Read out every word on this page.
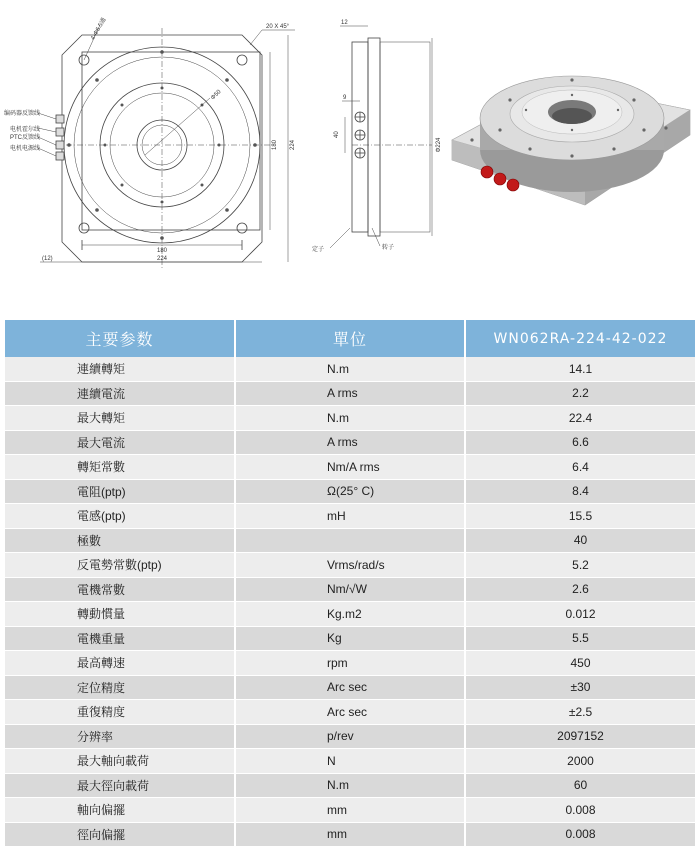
4-Φ6.5通	20 X 45°
Φ50
180 224
180
224
(12)
编码器反馈线
电机霍尔线
PTC反馈线
电机电源线
12
9
40
Φ224
定子	转子
主要参数	單位	WN062RA-224-42-022
連續轉矩	N.m	14.1
連續電流	A rms	2.2
最大轉矩	N.m	22.4
最大電流	A rms	6.6
轉矩常數	Nm/A rms	6.4
電阻(ptp)	Ω(25° C)	8.4
電感(ptp)	mH	15.5
極數		40
反電勢常數(ptp)	Vrms/rad/s	5.2
電機常數	Nm/√W	2.6
轉動慣量	Kg.m2	0.012
電機重量	Kg	5.5
最高轉速	rpm	450
定位精度	Arc sec	±30
重復精度	Arc sec	±2.5
分辨率	p/rev	2097152
最大軸向載荷	N	2000
最大徑向載荷	N.m	60
軸向偏擺	mm	0.008
徑向偏擺	mm	0.008
